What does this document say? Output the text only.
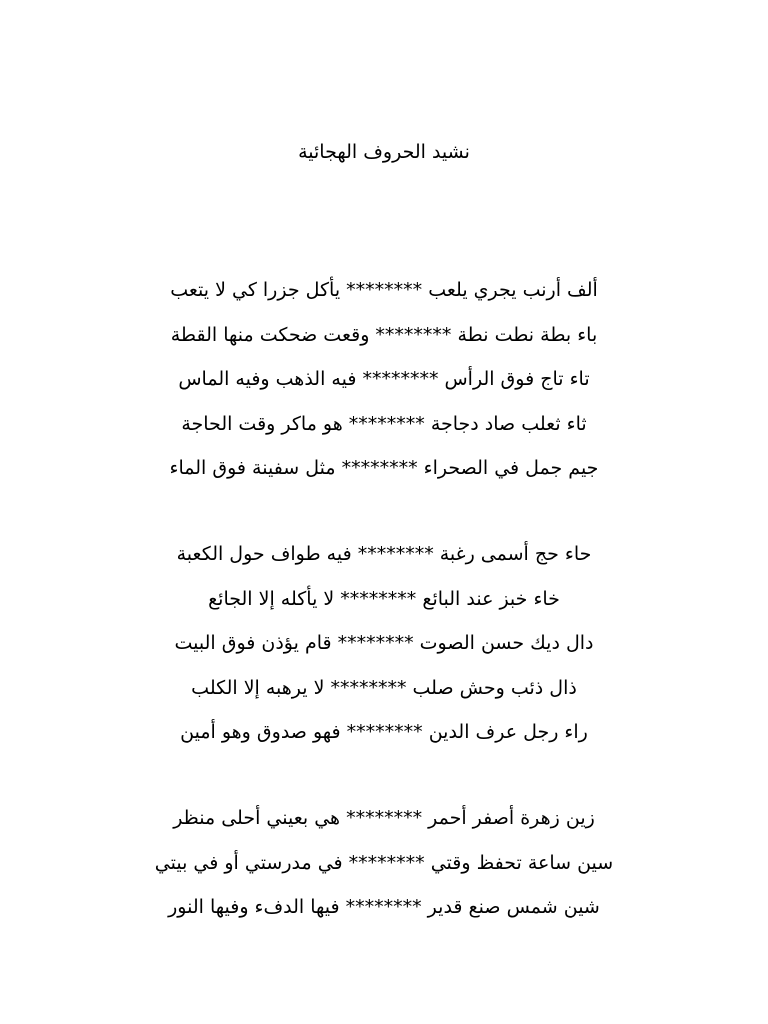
نشيد الحروف الهجائية
ألف أرنب يجري يلعب ******** يأكل جزرا كي لا يتعب
باء بطة نطت نطة ******** وقعت ضحكت منها القطة
تاء تاج فوق الرأس ******** فيه الذهب وفيه الماس
ثاء ثعلب صاد دجاجة ******** هو ماكر وقت الحاجة
جيم جمل في الصحراء ******** مثل سفينة فوق الماء
حاء حج أسمى رغبة ******** فيه طواف حول الكعبة
خاء خبز عند البائع ******** لا يأكله إلا الجائع
دال ديك حسن الصوت ******** قام يؤذن فوق البيت
ذال ذئب وحش صلب ******** لا يرهبه إلا الكلب
راء رجل عرف الدين ******** فهو صدوق وهو أمين
زين زهرة أصفر أحمر ******** هي بعيني أحلى منظر
سين ساعة تحفظ وقتي ******** في مدرستي أو في بيتي
شين شمس صنع قدير ******** فيها الدفء وفيها النور
